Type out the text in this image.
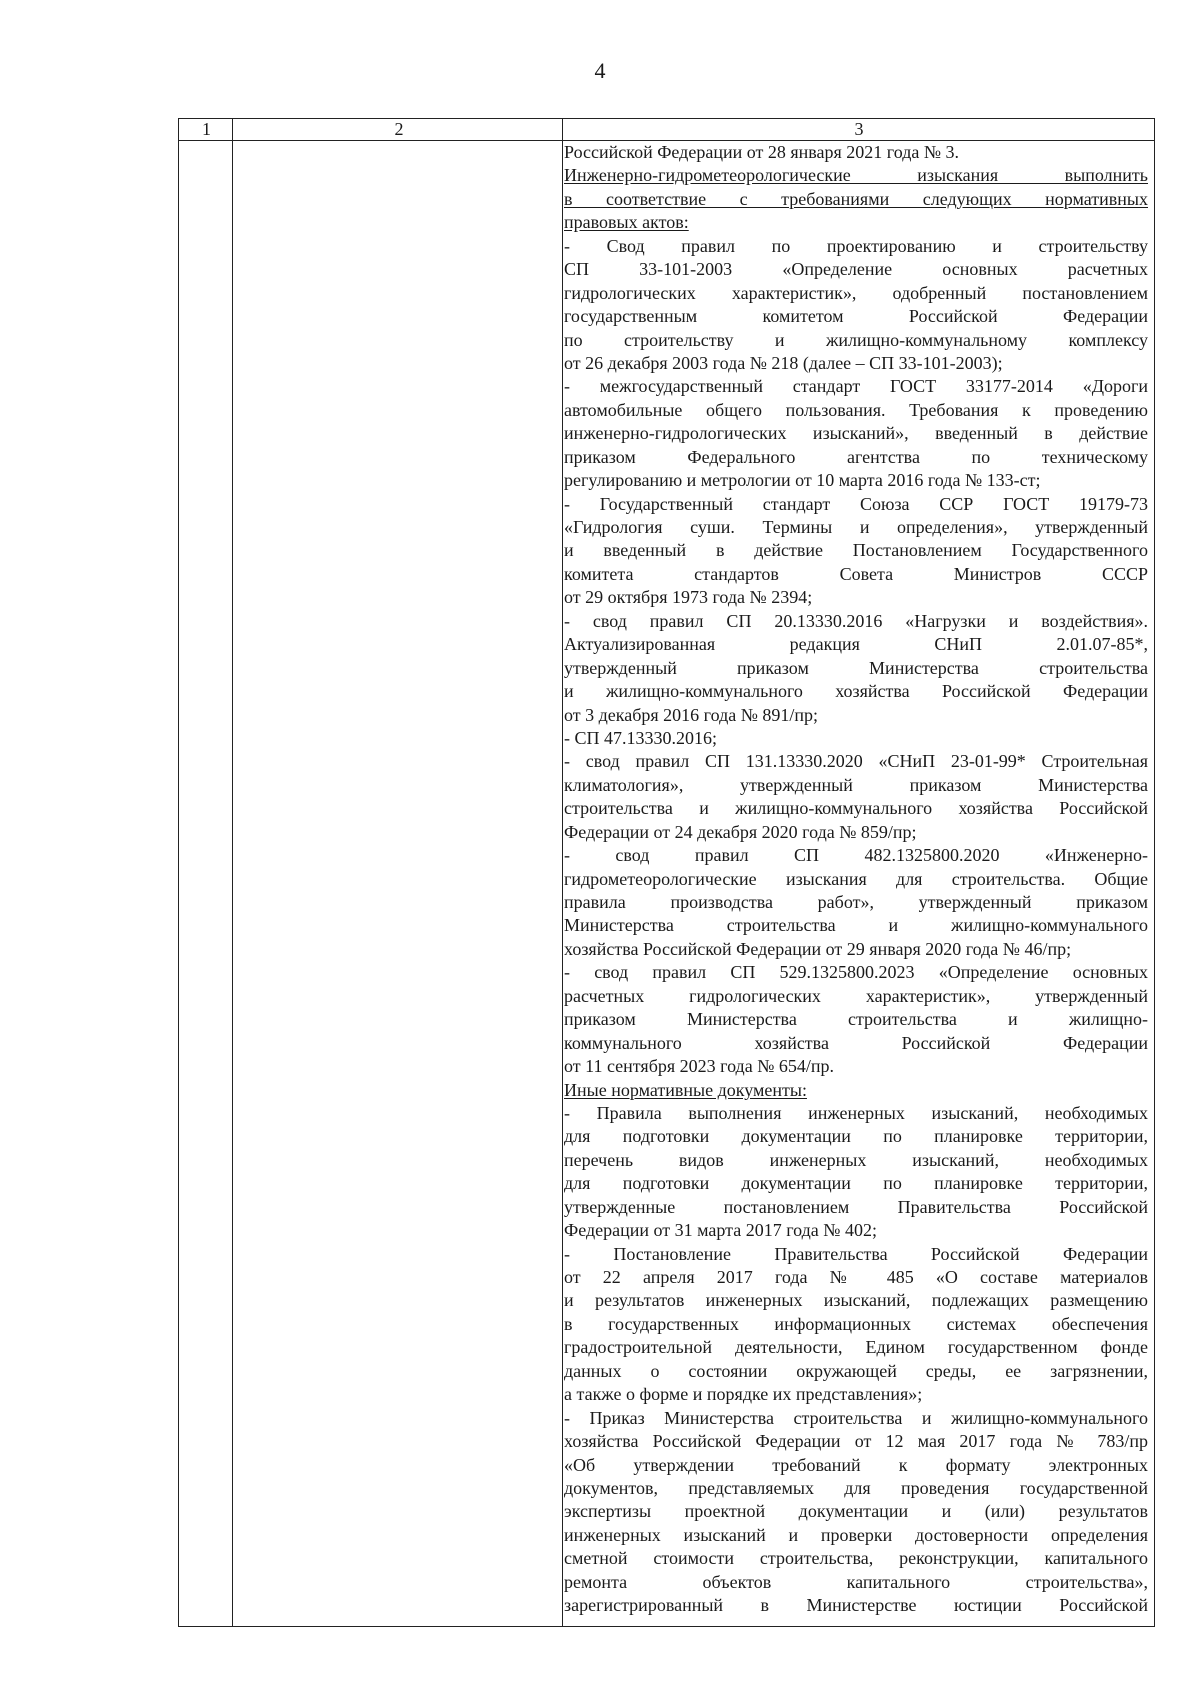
4
1	2	3
Российской Федерации от 28 января 2021 года № 3.
Инженерно-гидрометеорологические изыскания выполнить
в соответствие с требованиями следующих нормативных
правовых актов:
- Свод правил по проектированию и строительству
СП 33-101-2003 «Определение основных расчетных
гидрологических характеристик», одобренный постановлением
государственным комитетом Российской Федерации
по строительству и жилищно-коммунальному комплексу
от 26 декабря 2003 года № 218 (далее – СП 33-101-2003);
- межгосударственный стандарт ГОСТ 33177-2014 «Дороги
автомобильные общего пользования. Требования к проведению
инженерно-гидрологических изысканий», введенный в действие
приказом Федерального агентства по техническому
регулированию и метрологии от 10 марта 2016 года № 133-ст;
- Государственный стандарт Союза ССР ГОСТ 19179-73
«Гидрология суши. Термины и определения», утвержденный
и введенный в действие Постановлением Государственного
комитета стандартов Совета Министров СССР
от 29 октября 1973 года № 2394;
- свод правил СП 20.13330.2016 «Нагрузки и воздействия».
Актуализированная редакция СНиП 2.01.07-85*,
утвержденный приказом Министерства строительства
и жилищно-коммунального хозяйства Российской Федерации
от 3 декабря 2016 года № 891/пр;
- СП 47.13330.2016;
- свод правил СП 131.13330.2020 «СНиП 23-01-99* Строительная
климатология», утвержденный приказом Министерства
строительства и жилищно-коммунального хозяйства Российской
Федерации от 24 декабря 2020 года № 859/пр;
- свод правил СП 482.1325800.2020 «Инженерно-
гидрометеорологические изыскания для строительства. Общие
правила производства работ», утвержденный приказом
Министерства строительства и жилищно-коммунального
хозяйства Российской Федерации от 29 января 2020 года № 46/пр;
- свод правил СП 529.1325800.2023 «Определение основных
расчетных гидрологических характеристик», утвержденный
приказом Министерства строительства и жилищно-
коммунального хозяйства Российской Федерации
от 11 сентября 2023 года № 654/пр.
Иные нормативные документы:
- Правила выполнения инженерных изысканий, необходимых
для подготовки документации по планировке территории,
перечень видов инженерных изысканий, необходимых
для подготовки документации по планировке территории,
утвержденные постановлением Правительства Российской
Федерации от 31 марта 2017 года № 402;
- Постановление Правительства Российской Федерации
от 22 апреля 2017 года № 485 «О составе материалов
и результатов инженерных изысканий, подлежащих размещению
в государственных информационных системах обеспечения
градостроительной деятельности, Едином государственном фонде
данных о состоянии окружающей среды, ее загрязнении,
а также о форме и порядке их представления»;
- Приказ Министерства строительства и жилищно-коммунального
хозяйства Российской Федерации от 12 мая 2017 года № 783/пр
«Об утверждении требований к формату электронных
документов, представляемых для проведения государственной
экспертизы проектной документации и (или) результатов
инженерных изысканий и проверки достоверности определения
сметной стоимости строительства, реконструкции, капитального
ремонта объектов капитального строительства»,
зарегистрированный в Министерстве юстиции Российской
